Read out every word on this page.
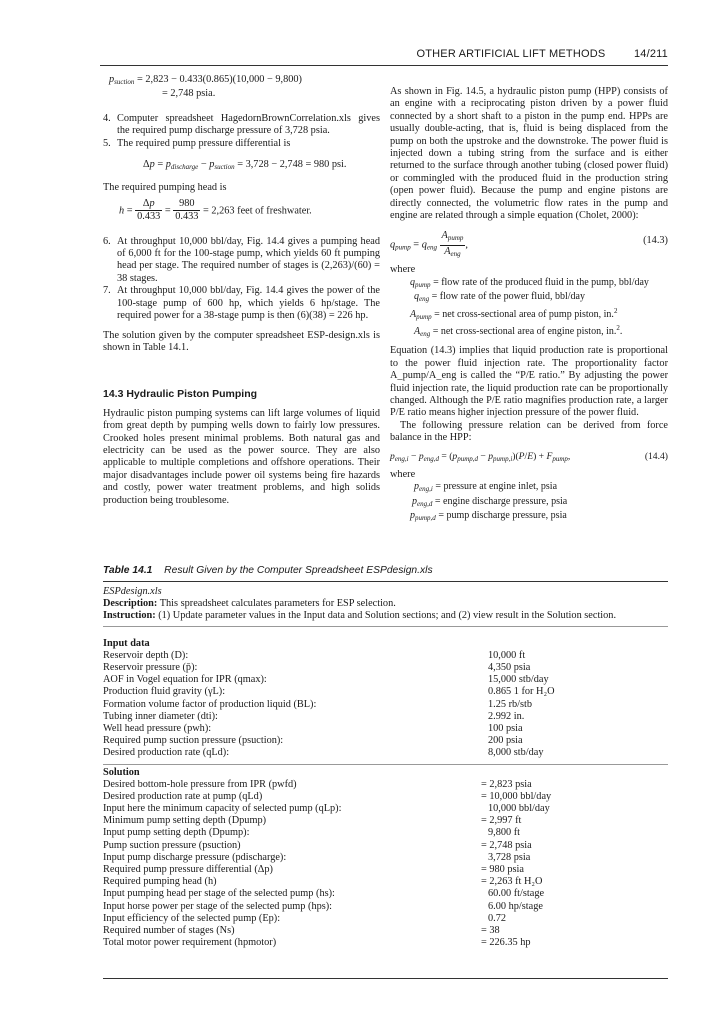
OTHER ARTIFICIAL LIFT METHODS	14/211
$p_{suction} = 2,823 - 0.433(0.865)(10,000 - 9,800)$
= 2,748 psia.
4. Computer spreadsheet HagedornBrownCorrelation.xls gives the required pump discharge pressure of 3,728 psia.
5. The required pump pressure differential is
$\Delta p = p_{discharge} - p_{suction} = 3,728 - 2,748 = 980$ psi.

The required pumping head is

$h = \frac{\Delta p}{0.433} = \frac{980}{0.433} = 2,263$ feet of freshwater.
6. At throughput 10,000 bbl/day, Fig. 14.4 gives a pumping head of 6,000 ft for the 100-stage pump, which yields 60 ft pumping head per stage. The required number of stages is (2,263)/(60) = 38 stages.
7. At throughput 10,000 bbl/day, Fig. 14.4 gives the power of the 100-stage pump of 600 hp, which yields 6 hp/stage. The required power for a 38-stage pump is then (6)(38) = 226 hp.

The solution given by the computer spreadsheet ESP-design.xls is shown in Table 14.1.

14.3 Hydraulic Piston Pumping

Hydraulic piston pumping systems can lift large volumes of liquid from great depth by pumping wells down to fairly low pressures. Crooked holes present minimal problems. Both natural gas and electricity can be used as the power source. They are also applicable to multiple completions and offshore operations. Their major disadvantages include power oil systems being fire hazards and costly, power water treatment problems, and high solids production being troublesome.

As shown in Fig. 14.5, a hydraulic piston pump (HPP) consists of an engine with a reciprocating piston driven by a power fluid connected by a short shaft to a piston in the pump end. HPPs are usually double-acting, that is, fluid is being displaced from the pump on both the upstroke and the downstroke. The power fluid is injected down a tubing string from the surface and is either returned to the surface through another tubing (closed power fluid) or commingled with the produced fluid in the production string (open power fluid). Because the pump and engine pistons are directly connected, the volumetric flow rates in the pump and engine are related through a simple equation (Cholet, 2000):

$q_{pump} = q_{eng} \frac{A_{pump}}{A_{eng}}$ ,	(14.3)

where

$q_{pump}$ = flow rate of the produced fluid in the pump, bbl/day
$q_{eng}$ = flow rate of the power fluid, bbl/day
$A_{pump}$ = net cross-sectional area of pump piston, in.$^2$
$A_{eng}$ = net cross-sectional area of engine piston, in.$^2$.

Equation (14.3) implies that liquid production rate is proportional to the power fluid injection rate. The proportionality factor A_pump/A_eng is called the “P/E ratio.” By adjusting the power fluid injection rate, the liquid production rate can be proportionally changed. Although the P/E ratio magnifies production rate, a larger P/E ratio means higher injection pressure of the power fluid.

The following pressure relation can be derived from force balance in the HPP:

$p_{eng,i} - p_{eng,d} = (p_{pump,d} - p_{pump,i})(P/E) + F_{pump}$,	(14.4)

where

$p_{eng,i}$ = pressure at engine inlet, psia
$p_{eng,d}$ = engine discharge pressure, psia
$p_{pump,d}$ = pump discharge pressure, psia
Table 14.1 Result Given by the Computer Spreadsheet ESPdesign.xls
ESPdesign.xls
Description: This spreadsheet calculates parameters for ESP selection.
Instruction: (1) Update parameter values in the Input data and Solution sections; and (2) view result in the Solution section.
Input data
Reservoir depth (D):	10,000 ft
Reservoir pressure (p̄):	4,350 psia
AOF in Vogel equation for IPR (qmax):	15,000 stb/day
Production fluid gravity (γL):	0.865 1 for H₂O
Formation volume factor of production liquid (BL):	1.25 rb/stb
Tubing inner diameter (dti):	2.992 in.
Well head pressure (pwh):	100 psia
Required pump suction pressure (psuction):	200 psia
Desired production rate (qLd):	8,000 stb/day
Solution
Desired bottom-hole pressure from IPR (pwfd)	= 2,823 psia
Desired production rate at pump (qLd)	= 10,000 bbl/day
Input here the minimum capacity of selected pump (qLp):	10,000 bbl/day
Minimum pump setting depth (Dpump)	= 2,997 ft
Input pump setting depth (Dpump):	9,800 ft
Pump suction pressure (psuction)	= 2,748 psia
Input pump discharge pressure (pdischarge):	3,728 psia
Required pump pressure differential (Δp)	= 980 psia
Required pumping head (h)	= 2,263 ft H₂O
Input pumping head per stage of the selected pump (hs):	60.00 ft/stage
Input horse power per stage of the selected pump (hps):	6.00 hp/stage
Input efficiency of the selected pump (Ep):	0.72
Required number of stages (Ns)	= 38
Total motor power requirement (hpmotor)	= 226.35 hp
